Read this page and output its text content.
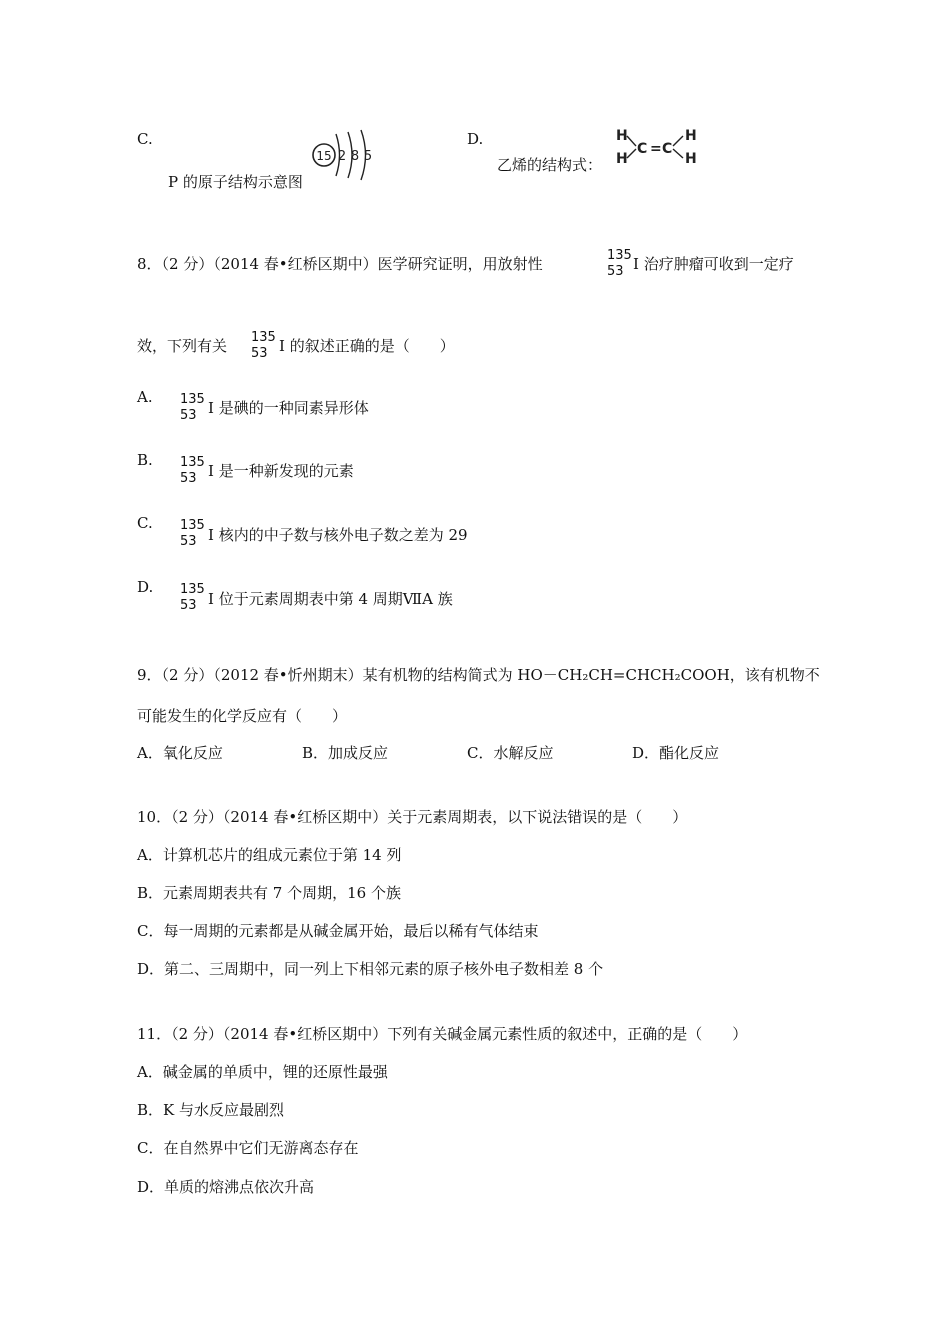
C.
15 2 8 5
P 的原子结构示意图
D.
乙烯的结构式：
H
H
C = C
H
H
8．（2 分）（2014 春•红桥区期中）医学研究证明，用放射性	135
53 I 治疗肿瘤可收到一定疗
效，下列有关 135
53 I 的叙述正确的是（　　）
A. 135
53 I 是碘的一种同素异形体
B. 135
53 I 是一种新发现的元素
C. 135
53 I 核内的中子数与核外电子数之差为 29
D. 135
53 I 位于元素周期表中第 4 周期ⅦA 族
9．（2 分）（2012 春•忻州期末）某有机物的结构简式为 HO－CH₂CH=CHCH₂COOH，该有机物不
可能发生的化学反应有（　　）
A．氧化反应	B．加成反应	C．水解反应	D．酯化反应
10．（2 分）（2014 春•红桥区期中）关于元素周期表，以下说法错误的是（　　）
A．计算机芯片的组成元素位于第 14 列
B．元素周期表共有 7 个周期，16 个族
C．每一周期的元素都是从碱金属开始，最后以稀有气体结束
D．第二、三周期中，同一列上下相邻元素的原子核外电子数相差 8 个
11．（2 分）（2014 春•红桥区期中）下列有关碱金属元素性质的叙述中，正确的是（　　）
A．碱金属的单质中，锂的还原性最强
B．K 与水反应最剧烈
C．在自然界中它们无游离态存在
D．单质的熔沸点依次升高
